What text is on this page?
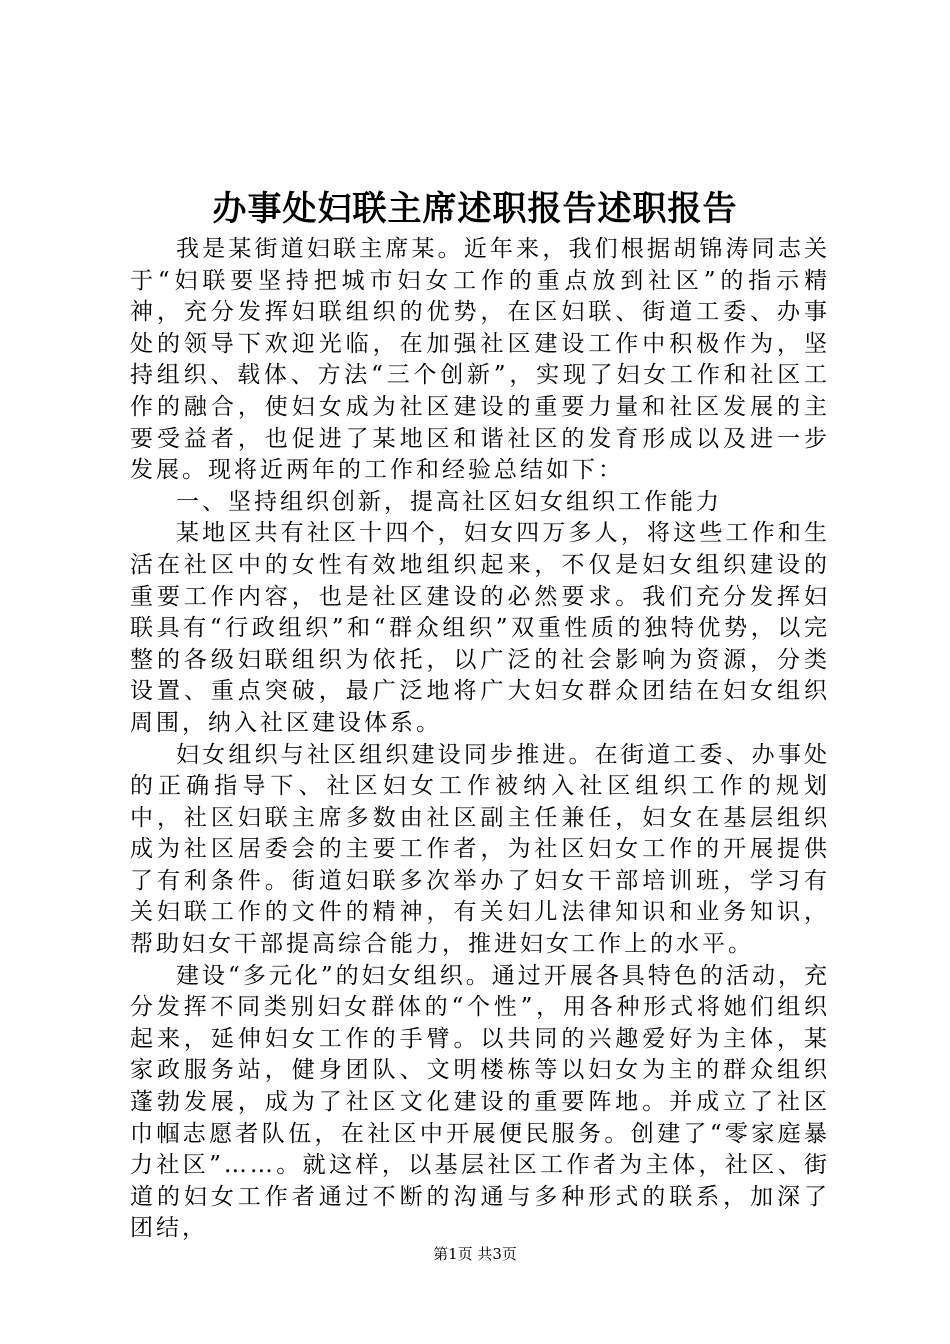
办事处妇联主席述职报告述职报告

我是某街道妇联主席某。近年来，我们根据胡锦涛同志关于“妇联要坚持把城市妇女工作的重点放到社区”的指示精神，充分发挥妇联组织的优势，在区妇联、街道工委、办事处的领导下欢迎光临，在加强社区建设工作中积极作为，坚持组织、载体、方法“三个创新”，实现了妇女工作和社区工作的融合，使妇女成为社区建设的重要力量和社区发展的主要受益者，也促进了某地区和谐社区的发育形成以及进一步发展。现将近两年的工作和经验总结如下：

一、坚持组织创新，提高社区妇女组织工作能力

某地区共有社区十四个，妇女四万多人，将这些工作和生活在社区中的女性有效地组织起来，不仅是妇女组织建设的重要工作内容，也是社区建设的必然要求。我们充分发挥妇联具有“行政组织”和“群众组织”双重性质的独特优势，以完整的各级妇联组织为依托，以广泛的社会影响为资源，分类设置、重点突破，最广泛地将广大妇女群众团结在妇女组织周围，纳入社区建设体系。

妇女组织与社区组织建设同步推进。在街道工委、办事处的正确指导下、社区妇女工作被纳入社区组织工作的规划中，社区妇联主席多数由社区副主任兼任，妇女在基层组织成为社区居委会的主要工作者，为社区妇女工作的开展提供了有利条件。街道妇联多次举办了妇女干部培训班，学习有关妇联工作的文件的精神，有关妇儿法律知识和业务知识，帮助妇女干部提高综合能力，推进妇女工作上的水平。

建设“多元化”的妇女组织。通过开展各具特色的活动，充分发挥不同类别妇女群体的“个性”，用各种形式将她们组织起来，延伸妇女工作的手臂。以共同的兴趣爱好为主体，某家政服务站，健身团队、文明楼栋等以妇女为主的群众组织蓬勃发展，成为了社区文化建设的重要阵地。并成立了社区巾帼志愿者队伍，在社区中开展便民服务。创建了“零家庭暴力社区”……。就这样，以基层社区工作者为主体，社区、街道的妇女工作者通过不断的沟通与多种形式的联系，加深了团结，

第1页 共3页
